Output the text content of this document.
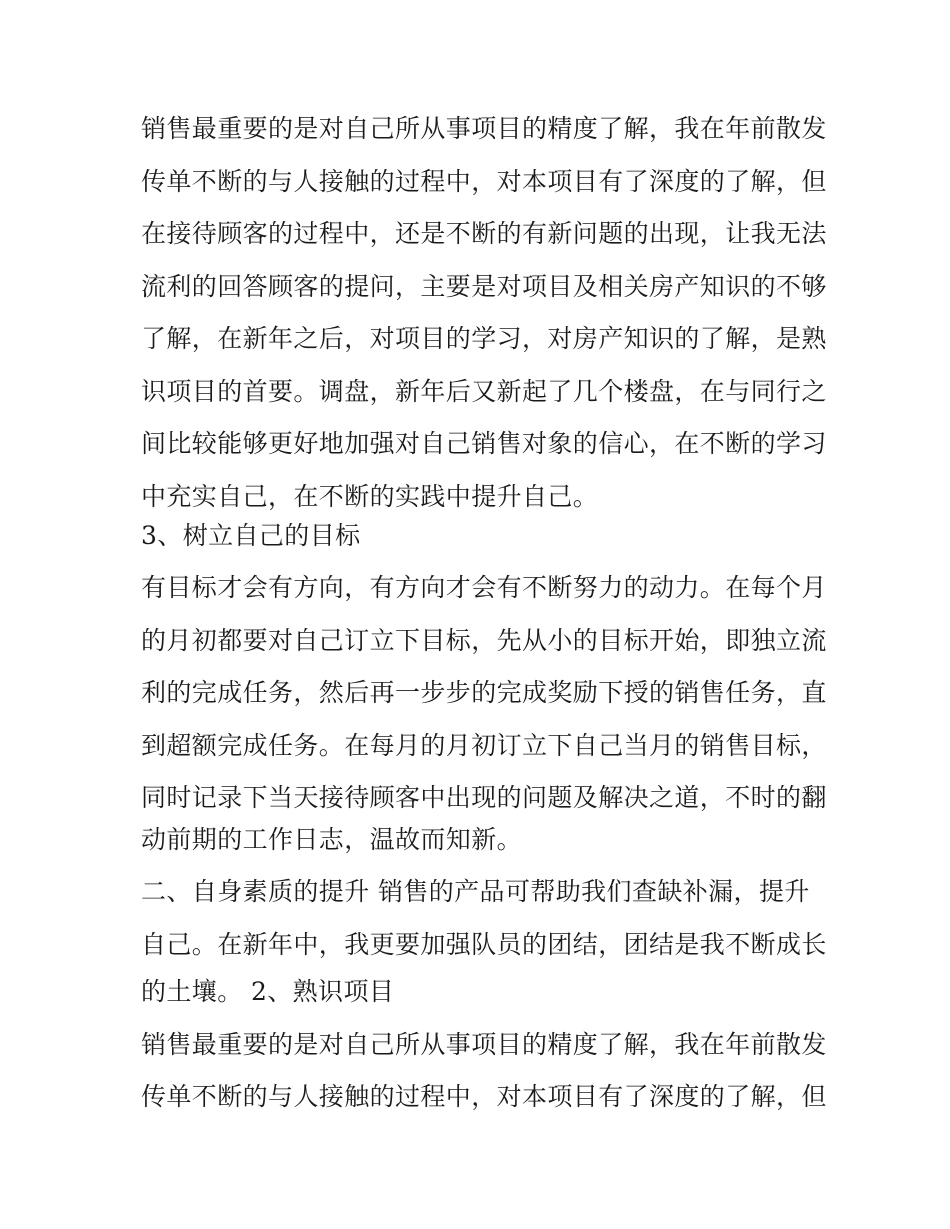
销售最重要的是对自己所从事项目的精度了解，我在年前散发
传单不断的与人接触的过程中，对本项目有了深度的了解，但
在接待顾客的过程中，还是不断的有新问题的出现，让我无法
流利的回答顾客的提问，主要是对项目及相关房产知识的不够
了解，在新年之后，对项目的学习，对房产知识的了解，是熟
识项目的首要。调盘，新年后又新起了几个楼盘，在与同行之
间比较能够更好地加强对自己销售对象的信心，在不断的学习
中充实自己，在不断的实践中提升自己。
3、树立自己的目标
有目标才会有方向，有方向才会有不断努力的动力。在每个月
的月初都要对自己订立下目标，先从小的目标开始，即独立流
利的完成任务，然后再一步步的完成奖励下授的销售任务，直
到超额完成任务。在每月的月初订立下自己当月的销售目标，
同时记录下当天接待顾客中出现的问题及解决之道，不时的翻
动前期的工作日志，温故而知新。
二、自身素质的提升 销售的产品可帮助我们查缺补漏，提升
自己。在新年中，我更要加强队员的团结，团结是我不断成长
的土壤。 2、熟识项目
销售最重要的是对自己所从事项目的精度了解，我在年前散发
传单不断的与人接触的过程中，对本项目有了深度的了解，但
